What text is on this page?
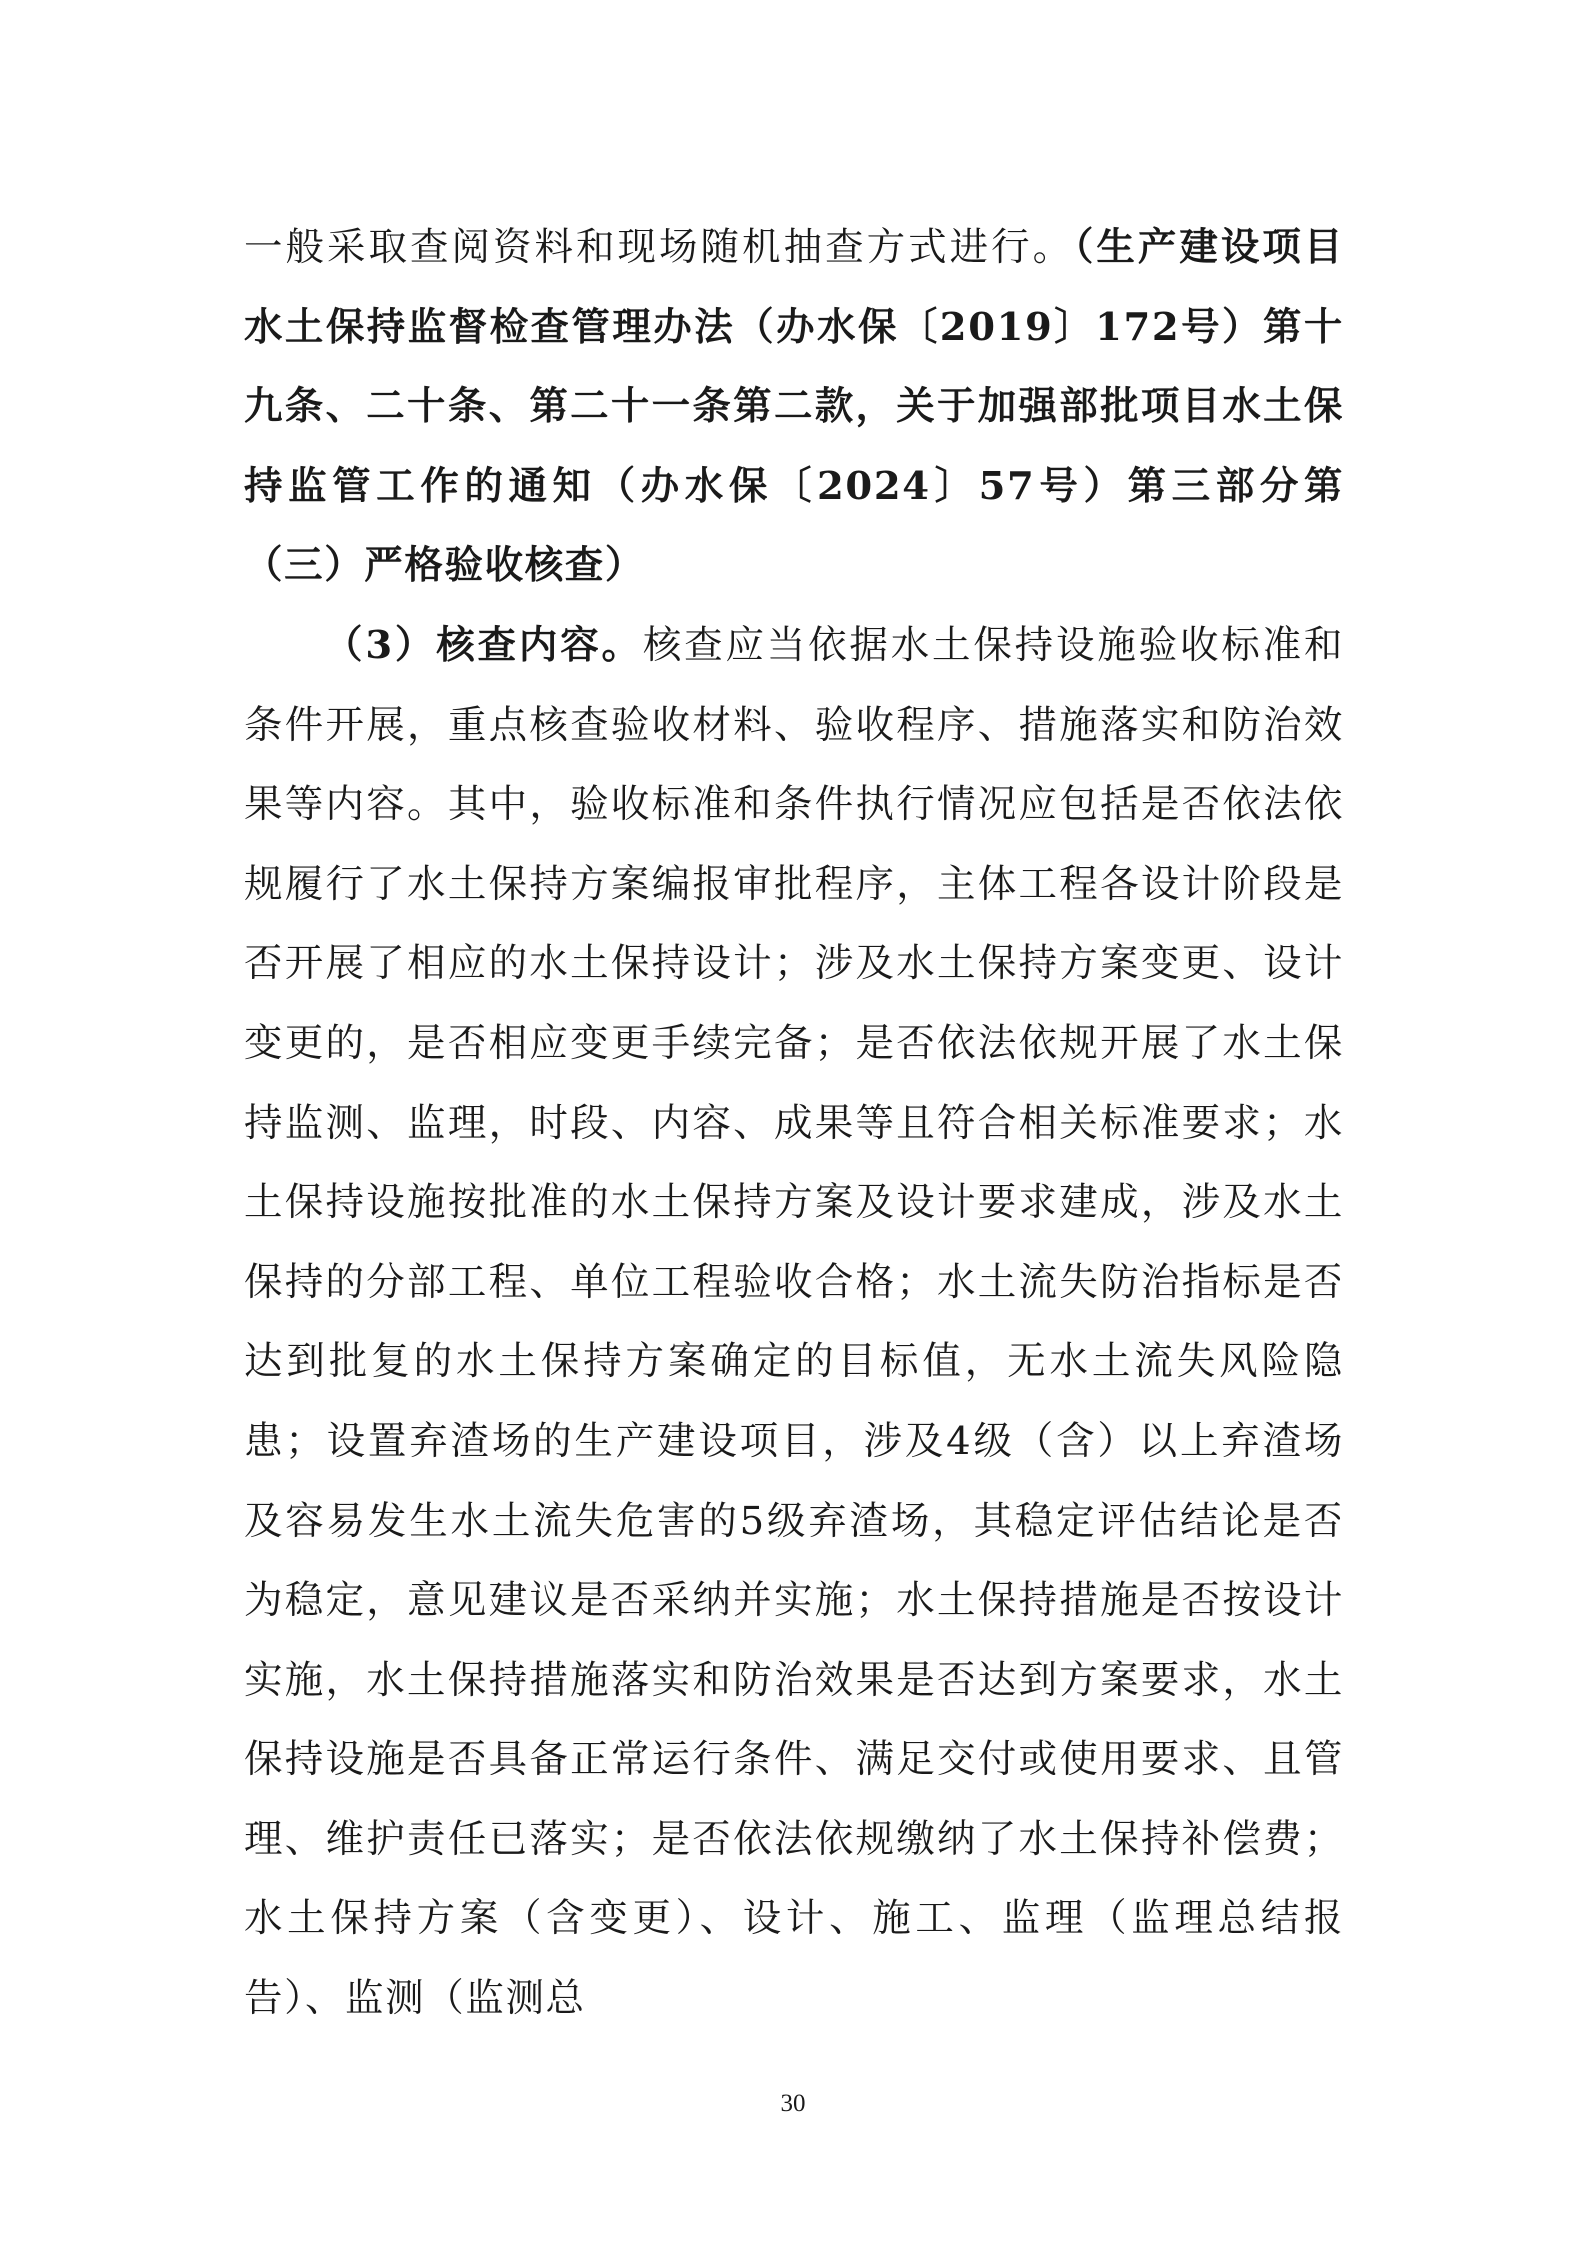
一般采取查阅资料和现场随机抽查方式进行。（生产建设项目水土保持监督检查管理办法（办水保〔2019〕172号）第十九条、二十条、第二十一条第二款，关于加强部批项目水土保持监管工作的通知（办水保〔2024〕57号）第三部分第（三）严格验收核查）

（3）核查内容。核查应当依据水土保持设施验收标准和条件开展，重点核查验收材料、验收程序、措施落实和防治效果等内容。其中，验收标准和条件执行情况应包括是否依法依规履行了水土保持方案编报审批程序，主体工程各设计阶段是否开展了相应的水土保持设计；涉及水土保持方案变更、设计变更的，是否相应变更手续完备；是否依法依规开展了水土保持监测、监理，时段、内容、成果等且符合相关标准要求；水土保持设施按批准的水土保持方案及设计要求建成，涉及水土保持的分部工程、单位工程验收合格；水土流失防治指标是否达到批复的水土保持方案确定的目标值，无水土流失风险隐患；设置弃渣场的生产建设项目，涉及4级（含）以上弃渣场及容易发生水土流失危害的5级弃渣场，其稳定评估结论是否为稳定，意见建议是否采纳并实施；水土保持措施是否按设计实施，水土保持措施落实和防治效果是否达到方案要求，水土保持设施是否具备正常运行条件、满足交付或使用要求、且管理、维护责任已落实；是否依法依规缴纳了水土保持补偿费；水土保持方案（含变更）、设计、施工、监理（监理总结报告）、监测（监测总

30
